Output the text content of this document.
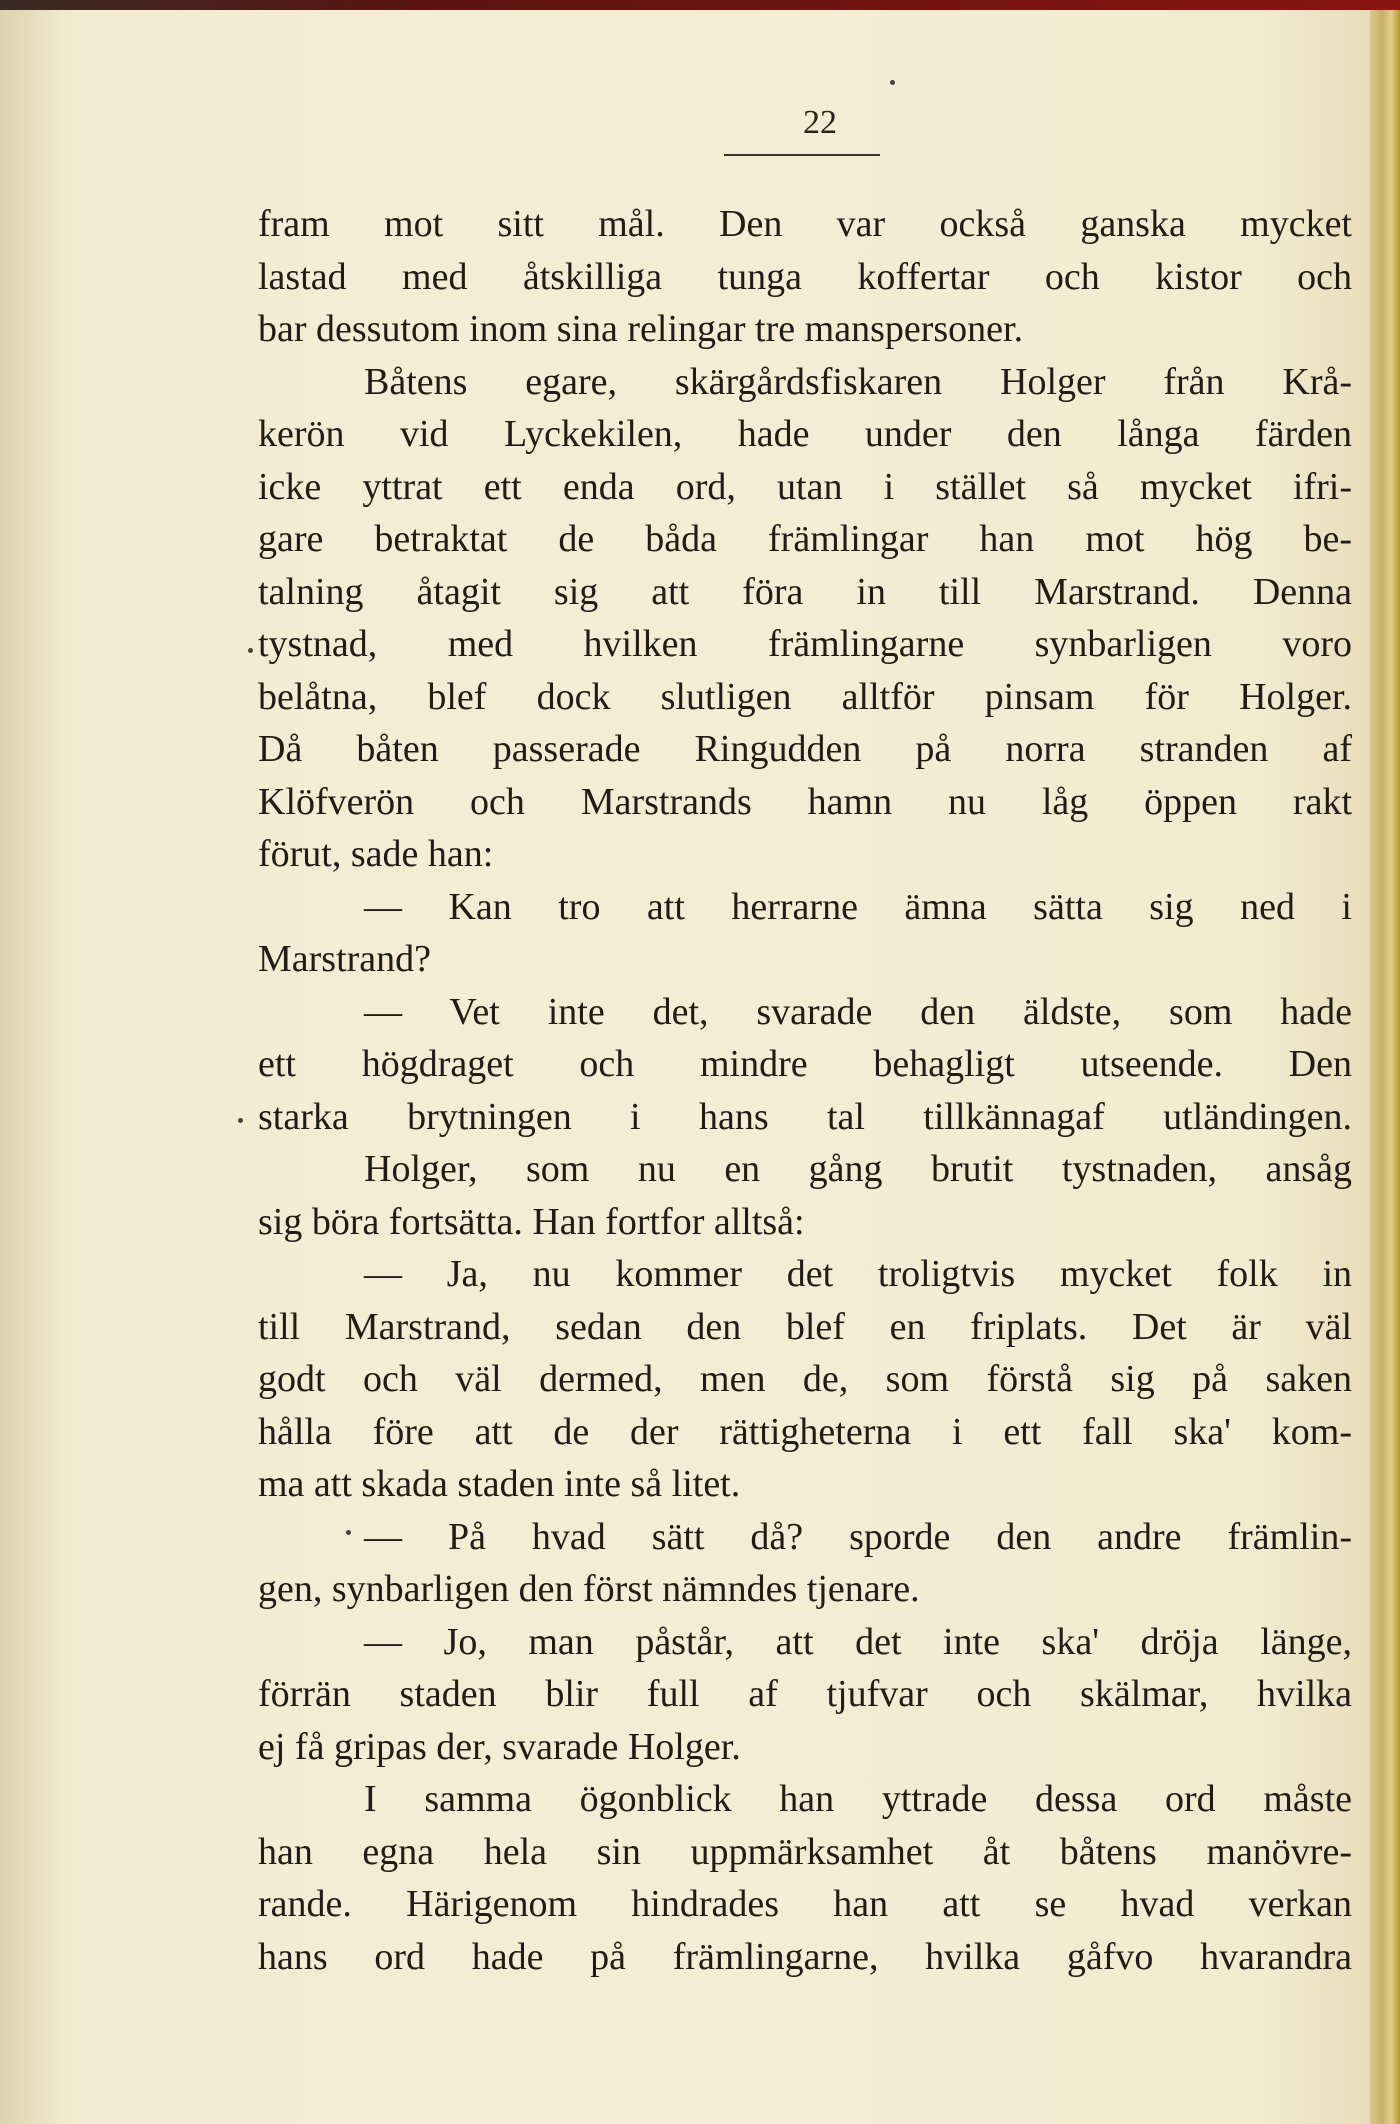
22
fram mot sitt mål. Den var också ganska mycket
lastad med åtskilliga tunga koffertar och kistor och
bar dessutom inom sina relingar tre manspersoner.
Båtens egare, skärgårdsfiskaren Holger från Krå-
kerön vid Lyckekilen, hade under den långa färden
icke yttrat ett enda ord, utan i stället så mycket ifri-
gare betraktat de båda främlingar han mot hög be-
talning åtagit sig att föra in till Marstrand. Denna
tystnad, med hvilken främlingarne synbarligen voro
belåtna, blef dock slutligen alltför pinsam för Holger.
Då båten passerade Ringudden på norra stranden af
Klöfverön och Marstrands hamn nu låg öppen rakt
förut, sade han:
— Kan tro att herrarne ämna sätta sig ned i
Marstrand?
— Vet inte det, svarade den äldste, som hade
ett högdraget och mindre behagligt utseende. Den
starka brytningen i hans tal tillkännagaf utländingen.
Holger, som nu en gång brutit tystnaden, ansåg
sig böra fortsätta. Han fortfor alltså:
— Ja, nu kommer det troligtvis mycket folk in
till Marstrand, sedan den blef en friplats. Det är väl
godt och väl dermed, men de, som förstå sig på saken
hålla före att de der rättigheterna i ett fall ska' kom-
ma att skada staden inte så litet.
— På hvad sätt då? sporde den andre främlin-
gen, synbarligen den först nämndes tjenare.
— Jo, man påstår, att det inte ska' dröja länge,
förrän staden blir full af tjufvar och skälmar, hvilka
ej få gripas der, svarade Holger.
I samma ögonblick han yttrade dessa ord måste
han egna hela sin uppmärksamhet åt båtens manövre-
rande. Härigenom hindrades han att se hvad verkan
hans ord hade på främlingarne, hvilka gåfvo hvarandra
